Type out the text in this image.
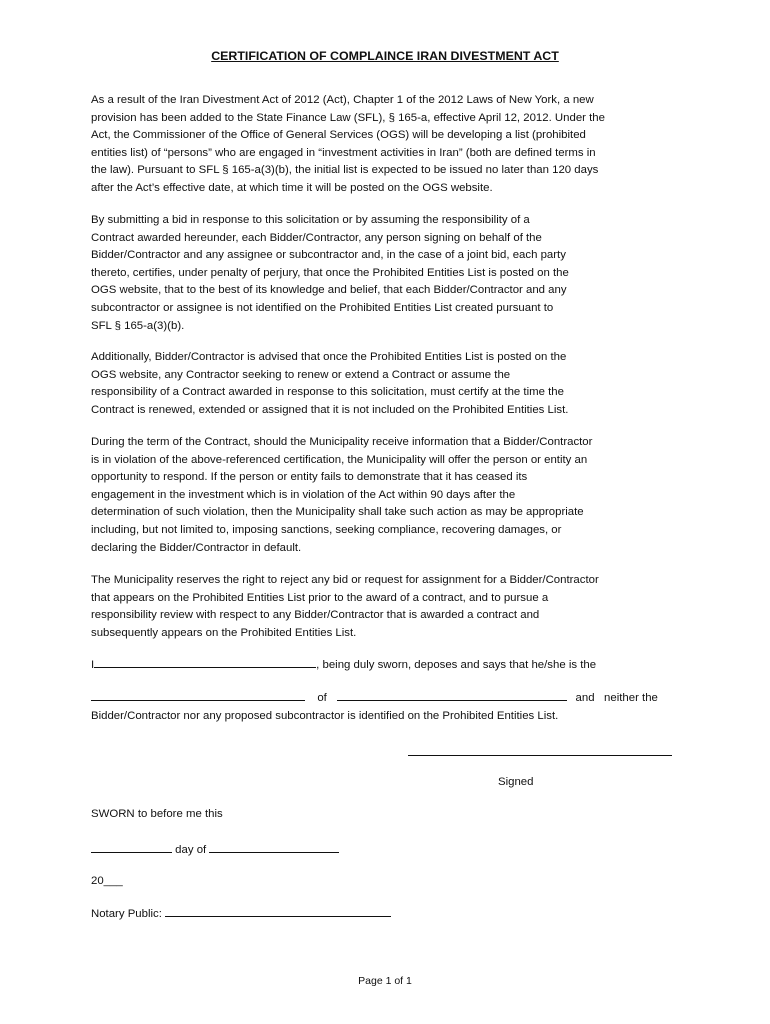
CERTIFICATION OF COMPLAINCE IRAN DIVESTMENT ACT

As a result of the Iran Divestment Act of 2012 (Act), Chapter 1 of the 2012 Laws of New York, a new
provision has been added to the State Finance Law (SFL), § 165-a, effective April 12, 2012. Under the
Act, the Commissioner of the Office of General Services (OGS) will be developing a list (prohibited
entities list) of “persons” who are engaged in “investment activities in Iran” (both are defined terms in
the law). Pursuant to SFL § 165-a(3)(b), the initial list is expected to be issued no later than 120 days
after the Act’s effective date, at which time it will be posted on the OGS website.

By submitting a bid in response to this solicitation or by assuming the responsibility of a
Contract awarded hereunder, each Bidder/Contractor, any person signing on behalf of the
Bidder/Contractor and any assignee or subcontractor and, in the case of a joint bid, each party
thereto, certifies, under penalty of perjury, that once the Prohibited Entities List is posted on the
OGS website, that to the best of its knowledge and belief, that each Bidder/Contractor and any
subcontractor or assignee is not identified on the Prohibited Entities List created pursuant to
SFL § 165-a(3)(b).

Additionally, Bidder/Contractor is advised that once the Prohibited Entities List is posted on the
OGS website, any Contractor seeking to renew or extend a Contract or assume the
responsibility of a Contract awarded in response to this solicitation, must certify at the time the
Contract is renewed, extended or assigned that it is not included on the Prohibited Entities List.

During the term of the Contract, should the Municipality receive information that a Bidder/Contractor
is in violation of the above-referenced certification, the Municipality will offer the person or entity an
opportunity to respond. If the person or entity fails to demonstrate that it has ceased its
engagement in the investment which is in violation of the Act within 90 days after the
determination of such violation, then the Municipality shall take such action as may be appropriate
including, but not limited to, imposing sanctions, seeking compliance, recovering damages, or
declaring the Bidder/Contractor in default.

The Municipality reserves the right to reject any bid or request for assignment for a Bidder/Contractor
that appears on the Prohibited Entities List prior to the award of a contract, and to pursue a
responsibility review with respect to any Bidder/Contractor that is awarded a contract and
subsequently appears on the Prohibited Entities List.

I	, being duly sworn, deposes and says that he/she is the
of	and   neither the
Bidder/Contractor nor any proposed subcontractor is identified on the Prohibited Entities List.
Signed
SWORN to before me this
day of
20___
Notary Public:
Page 1 of 1
